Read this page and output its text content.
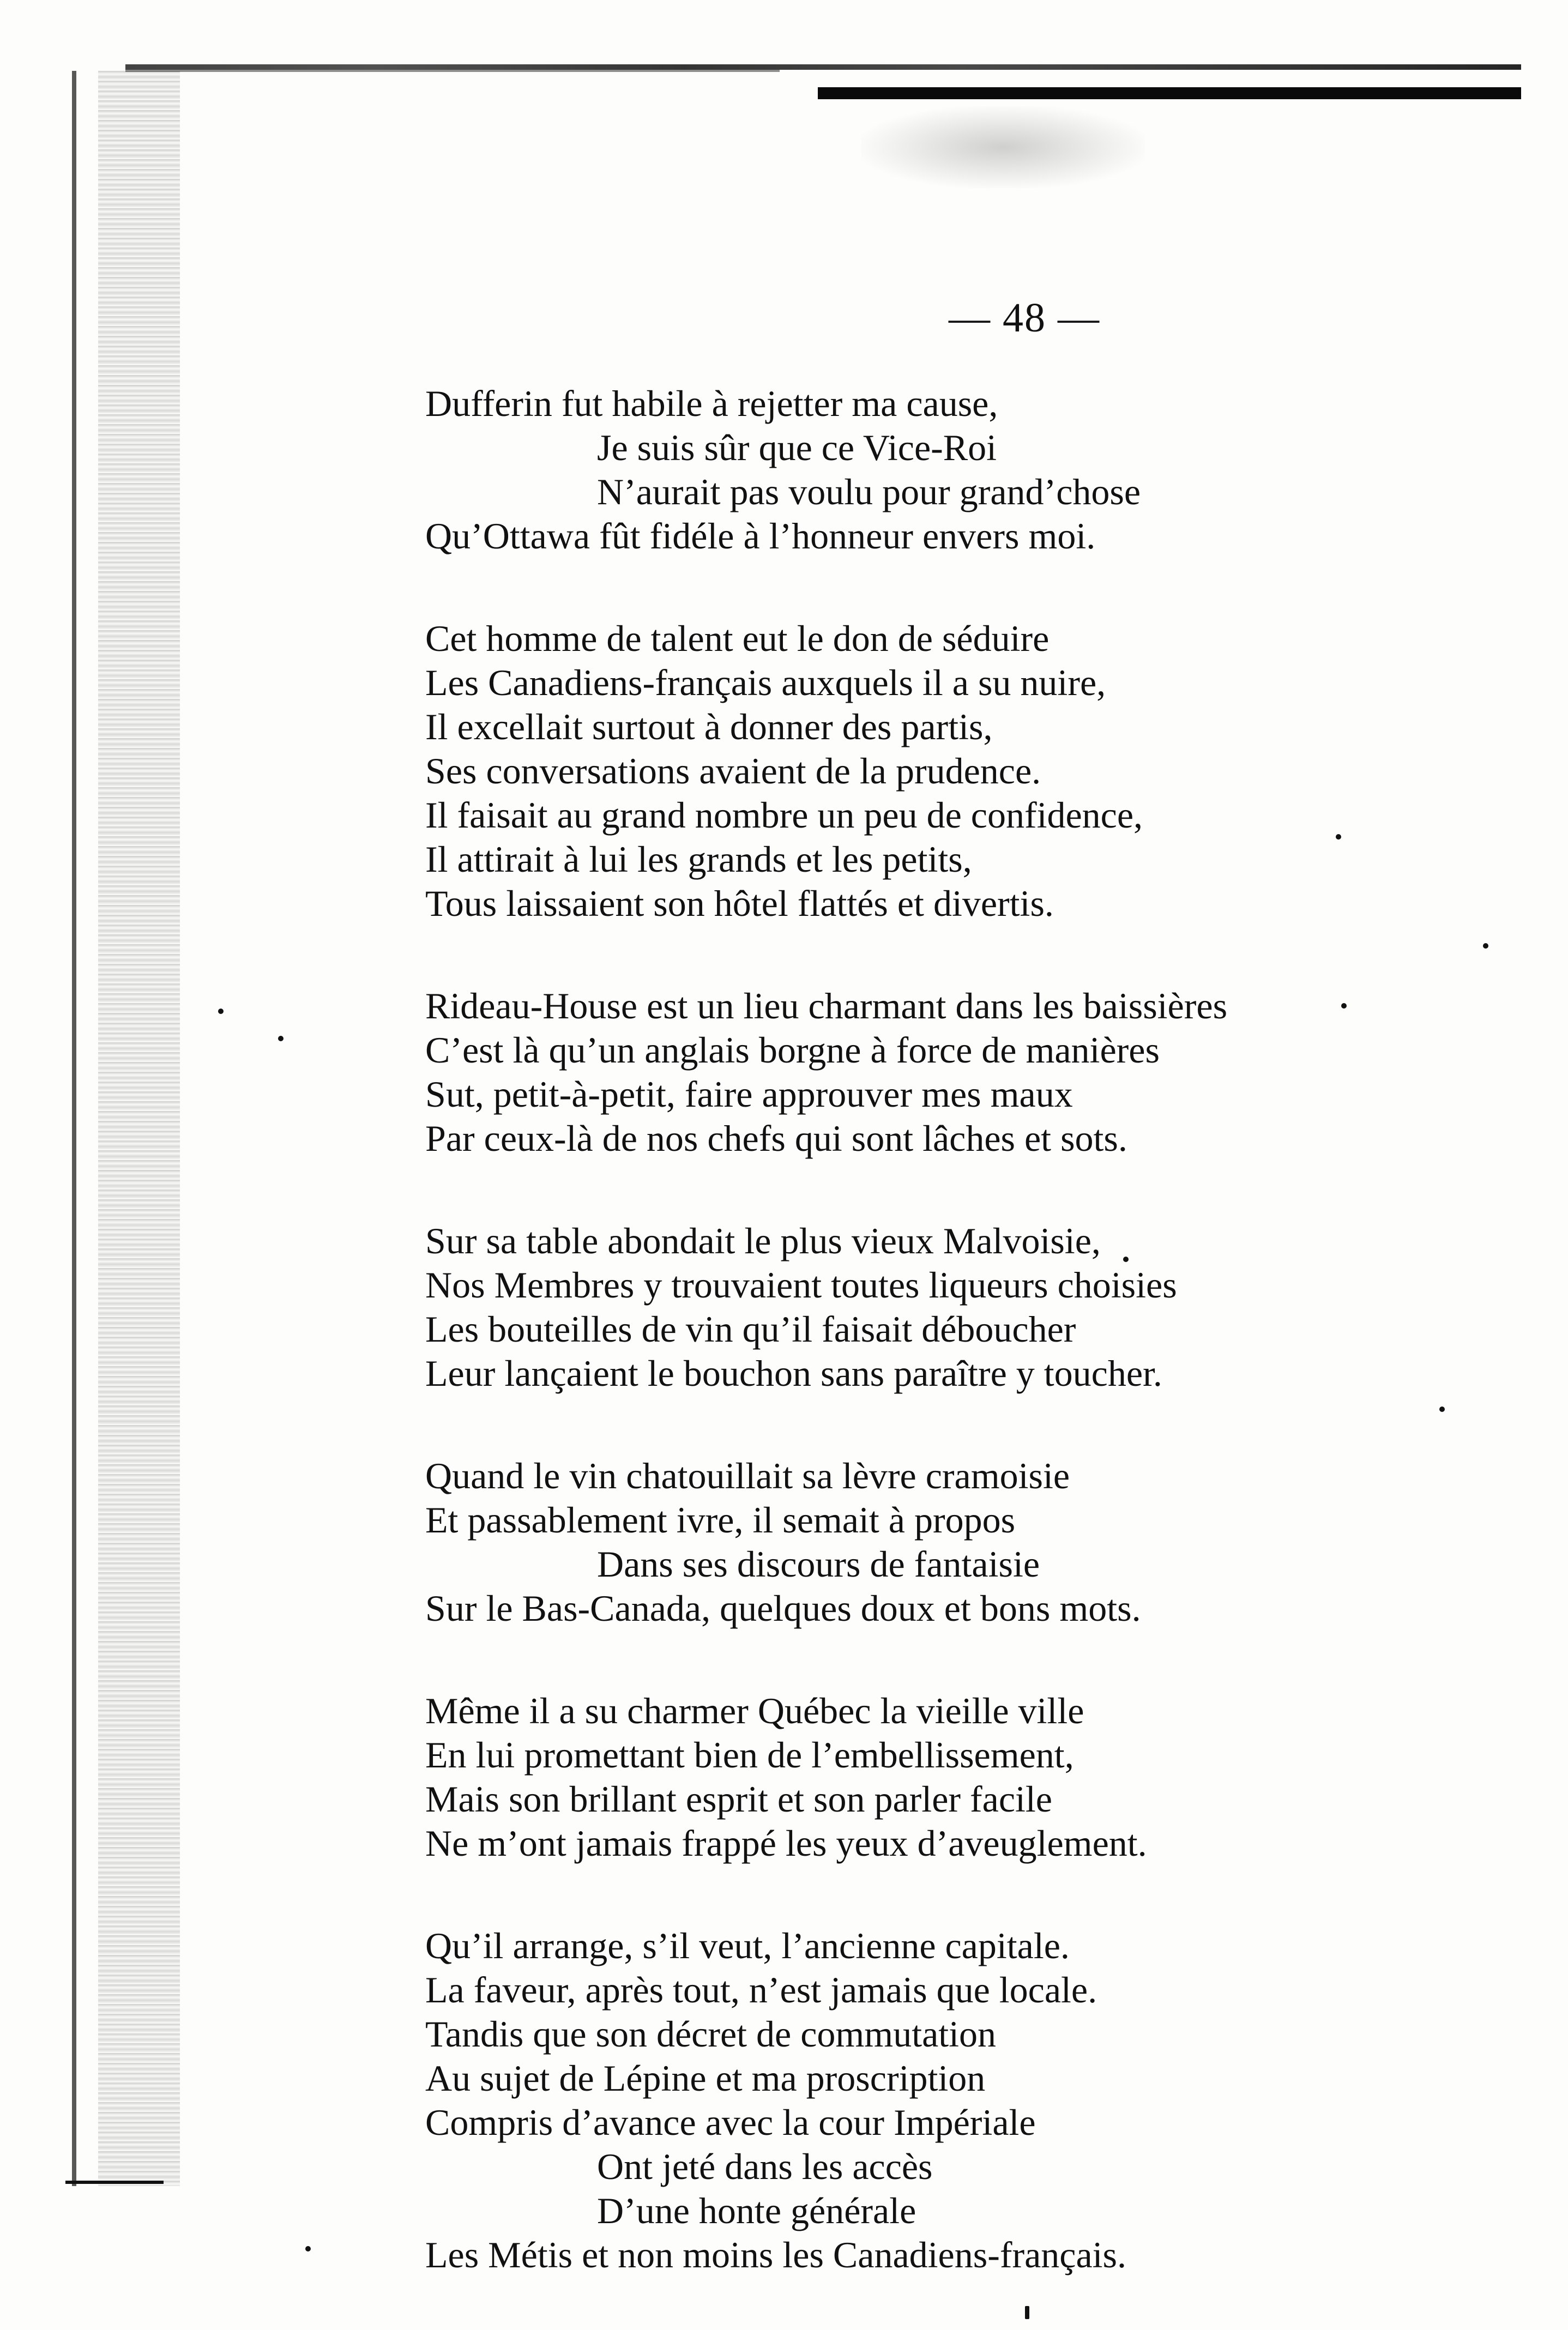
— 48 —
Dufferin fut habile à rejetter ma cause,
Je suis sûr que ce Vice-Roi
N’aurait pas voulu pour grand’chose
Qu’Ottawa fût fidéle à l’honneur envers moi.
Cet homme de talent eut le don de séduire
Les Canadiens-français auxquels il a su nuire,
Il excellait surtout à donner des partis,
Ses conversations avaient de la prudence.
Il faisait au grand nombre un peu de confidence,
Il attirait à lui les grands et les petits,
Tous laissaient son hôtel flattés et divertis.
Rideau-House est un lieu charmant dans les baissières
C’est là qu’un anglais borgne à force de manières
Sut, petit-à-petit, faire approuver mes maux
Par ceux-là de nos chefs qui sont lâches et sots.
Sur sa table abondait le plus vieux Malvoisie,
Nos Membres y trouvaient toutes liqueurs choisies
Les bouteilles de vin qu’il faisait déboucher
Leur lançaient le bouchon sans paraître y toucher.
Quand le vin chatouillait sa lèvre cramoisie
Et passablement ivre, il semait à propos
Dans ses discours de fantaisie
Sur le Bas-Canada, quelques doux et bons mots.
Même il a su charmer Québec la vieille ville
En lui promettant bien de l’embellissement,
Mais son brillant esprit et son parler facile
Ne m’ont jamais frappé les yeux d’aveuglement.
Qu’il arrange, s’il veut, l’ancienne capitale.
La faveur, après tout, n’est jamais que locale.
Tandis que son décret de commutation
Au sujet de Lépine et ma proscription
Compris d’avance avec la cour Impériale
Ont jeté dans les accès
D’une honte générale
Les Métis et non moins les Canadiens-français.
